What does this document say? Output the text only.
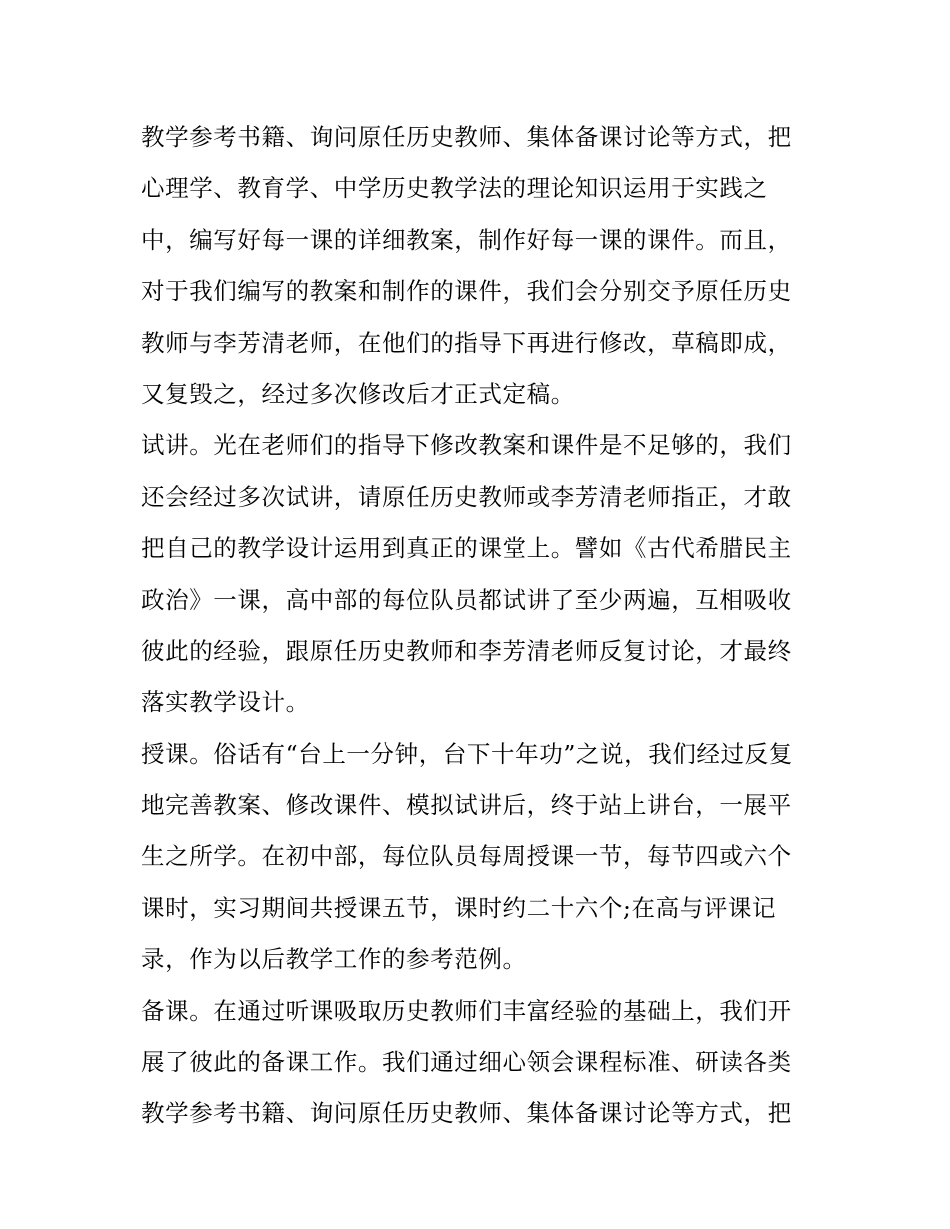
教学参考书籍、询问原任历史教师、集体备课讨论等方式，把
心理学、教育学、中学历史教学法的理论知识运用于实践之
中，编写好每一课的详细教案，制作好每一课的课件。而且，
对于我们编写的教案和制作的课件，我们会分别交予原任历史
教师与李芳清老师，在他们的指导下再进行修改，草稿即成，
又复毁之，经过多次修改后才正式定稿。
试讲。光在老师们的指导下修改教案和课件是不足够的，我们
还会经过多次试讲，请原任历史教师或李芳清老师指正，才敢
把自己的教学设计运用到真正的课堂上。譬如《古代希腊民主
政治》一课，高中部的每位队员都试讲了至少两遍，互相吸收
彼此的经验，跟原任历史教师和李芳清老师反复讨论，才最终
落实教学设计。
授课。俗话有“台上一分钟，台下十年功”之说，我们经过反复
地完善教案、修改课件、模拟试讲后，终于站上讲台，一展平
生之所学。在初中部，每位队员每周授课一节，每节四或六个
课时，实习期间共授课五节，课时约二十六个;在高与评课记
录，作为以后教学工作的参考范例。
备课。在通过听课吸取历史教师们丰富经验的基础上，我们开
展了彼此的备课工作。我们通过细心领会课程标准、研读各类
教学参考书籍、询问原任历史教师、集体备课讨论等方式，把
